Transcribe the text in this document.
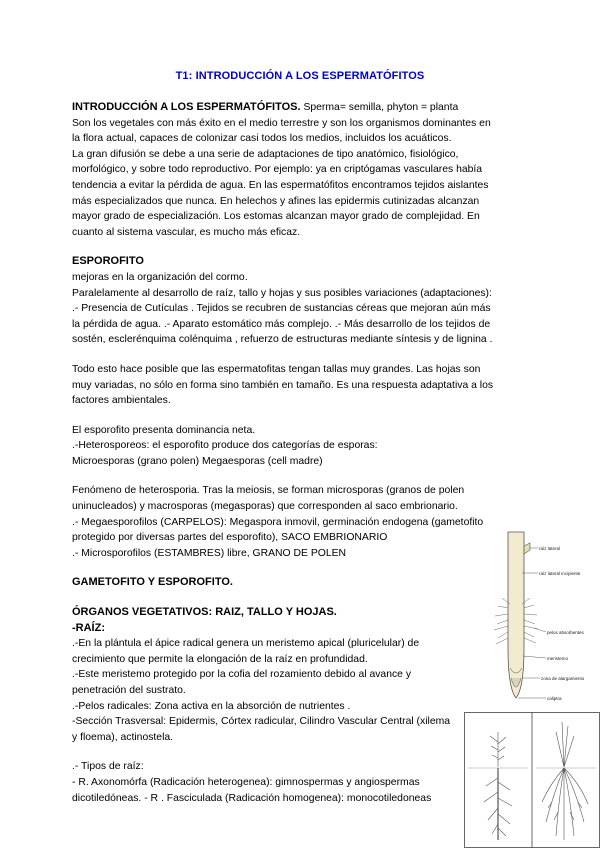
T1: INTRODUCCIÓN A LOS ESPERMATÓFITOS

INTRODUCCIÓN A LOS ESPERMATÓFITOS. Sperma= semilla, phyton = planta

Son los vegetales con más éxito en el medio terrestre y son los organismos dominantes en

la flora actual, capaces de colonizar casi todos los medios, incluidos los acuáticos.

La gran difusión se debe a una serie de adaptaciones de tipo anatómico, fisiológico,

morfológico, y sobre todo reproductivo. Por ejemplo: ya en criptógamas vasculares había

tendencia a evitar la pérdida de agua. En las espermatófitos encontramos tejidos aislantes

más especializados que nunca. En helechos y afines las epidermis cutinizadas alcanzan

mayor grado de especialización. Los estomas alcanzan mayor grado de complejidad. En

cuanto al sistema vascular, es mucho más eficaz.

ESPOROFITO

mejoras en la organización del cormo.

Paralelamente al desarrollo de raíz, tallo y hojas y sus posibles variaciones (adaptaciones):

.- Presencia de Cutículas . Tejidos se recubren de sustancias céreas que mejoran aún más

la pérdida de agua. .- Aparato estomático más complejo. .- Más desarrollo de los tejidos de

sostén, esclerénquima colénquima , refuerzo de estructuras mediante síntesis y de lignina .

Todo esto hace posible que las espermatofitas tengan tallas muy grandes. Las hojas son

muy variadas, no sólo en forma sino también en tamaño. Es una respuesta adaptativa a los

factores ambientales.

El esporofito presenta dominancia neta.

.-Heterosporeos: el esporofito produce dos categorías de esporas:

Microesporas (grano polen) Megaesporas (cell madre)

Fenómeno de heterosporia. Tras la meiosis, se forman microsporas (granos de polen

uninucleados) y macrosporas (megasporas) que corresponden al saco embrionario.

.- Megaesporofilos (CARPELOS): Megaspora inmovil, germinación endogena (gametofito

protegido por diversas partes del esporofito), SACO EMBRIONARIO

.- Microsporofilos (ESTAMBRES) libre, GRANO DE POLEN

GAMETOFITO Y ESPOROFITO.

ÓRGANOS VEGETATIVOS: RAIZ, TALLO Y HOJAS.

-RAÍZ:

.-En la plántula el ápice radical genera un meristemo apical (pluricelular) de

crecimiento que permite la elongación de la raíz en profundidad.

.-Este meristemo protegido por la cofia del rozamiento debido al avance y

penetración del sustrato.

.-Pelos radicales: Zona activa en la absorción de nutrientes .

-Sección Trasversal: Epidermis, Córtex radicular, Cilindro Vascular Central (xilema

y floema), actinostela.

.- Tipos de raíz:

- R. Axonomórfa (Radicación heterogenea): gimnospermas y angiospermas

dicotiledóneas. - R . Fasciculada (Radicación homogenea): monocotiledoneas

raíz lateral
raíz lateral incipiente
pelos absorbentes
meristemo
zona de alargamiento
caliptra
